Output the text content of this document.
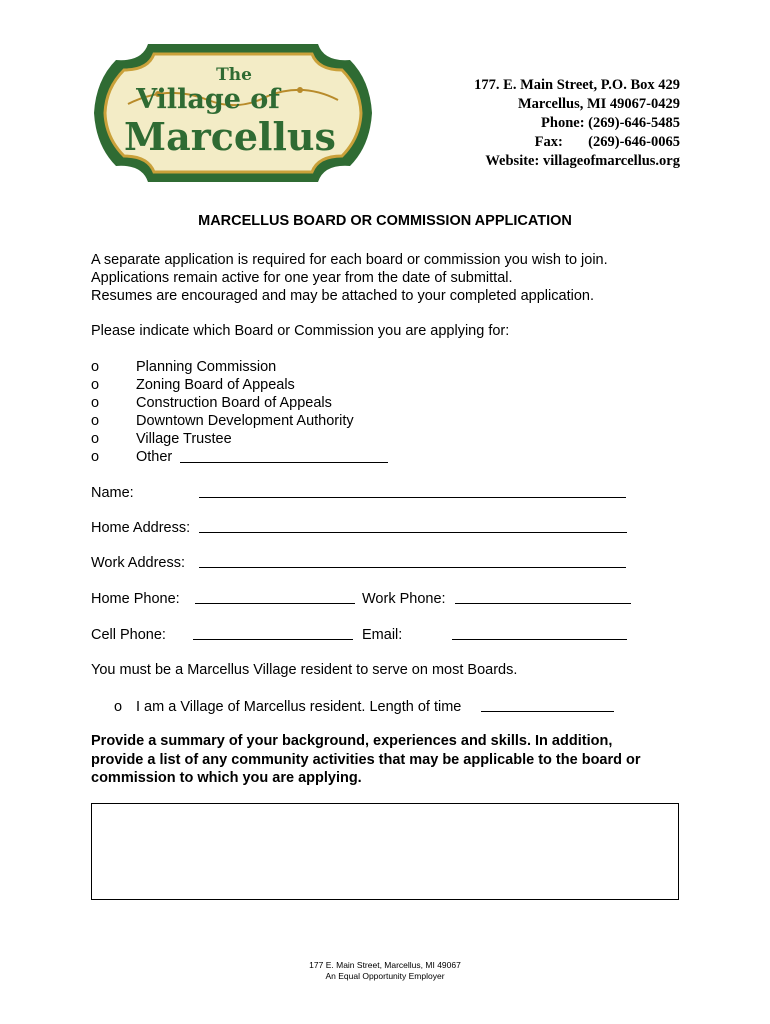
The
Village of
Marcellus
177. E. Main Street, P.O. Box 429
Marcellus, MI 49067-0429
Phone: (269)-646-5485
Fax:       (269)-646-0065
Website: villageofmarcellus.org
MARCELLUS BOARD OR COMMISSION APPLICATION
A separate application is required for each board or commission you wish to join.
Applications remain active for one year from the date of submittal.
Resumes are encouraged and may be attached to your completed application.
Please indicate which Board or Commission you are applying for:
o	Planning Commission
o	Zoning Board of Appeals
o	Construction Board of Appeals
o	Downtown Development Authority
o	Village Trustee
o	Other
Name:
Home Address:
Work Address:
Home Phone:	Work Phone:
Cell Phone:	Email:
You must be a Marcellus Village resident to serve on most Boards.
o I am a Village of Marcellus resident. Length of time
Provide a summary of your background, experiences and skills. In addition,
provide a list of any community activities that may be applicable to the board or
commission to which you are applying.
177 E. Main Street, Marcellus, MI 49067
An Equal Opportunity Employer
